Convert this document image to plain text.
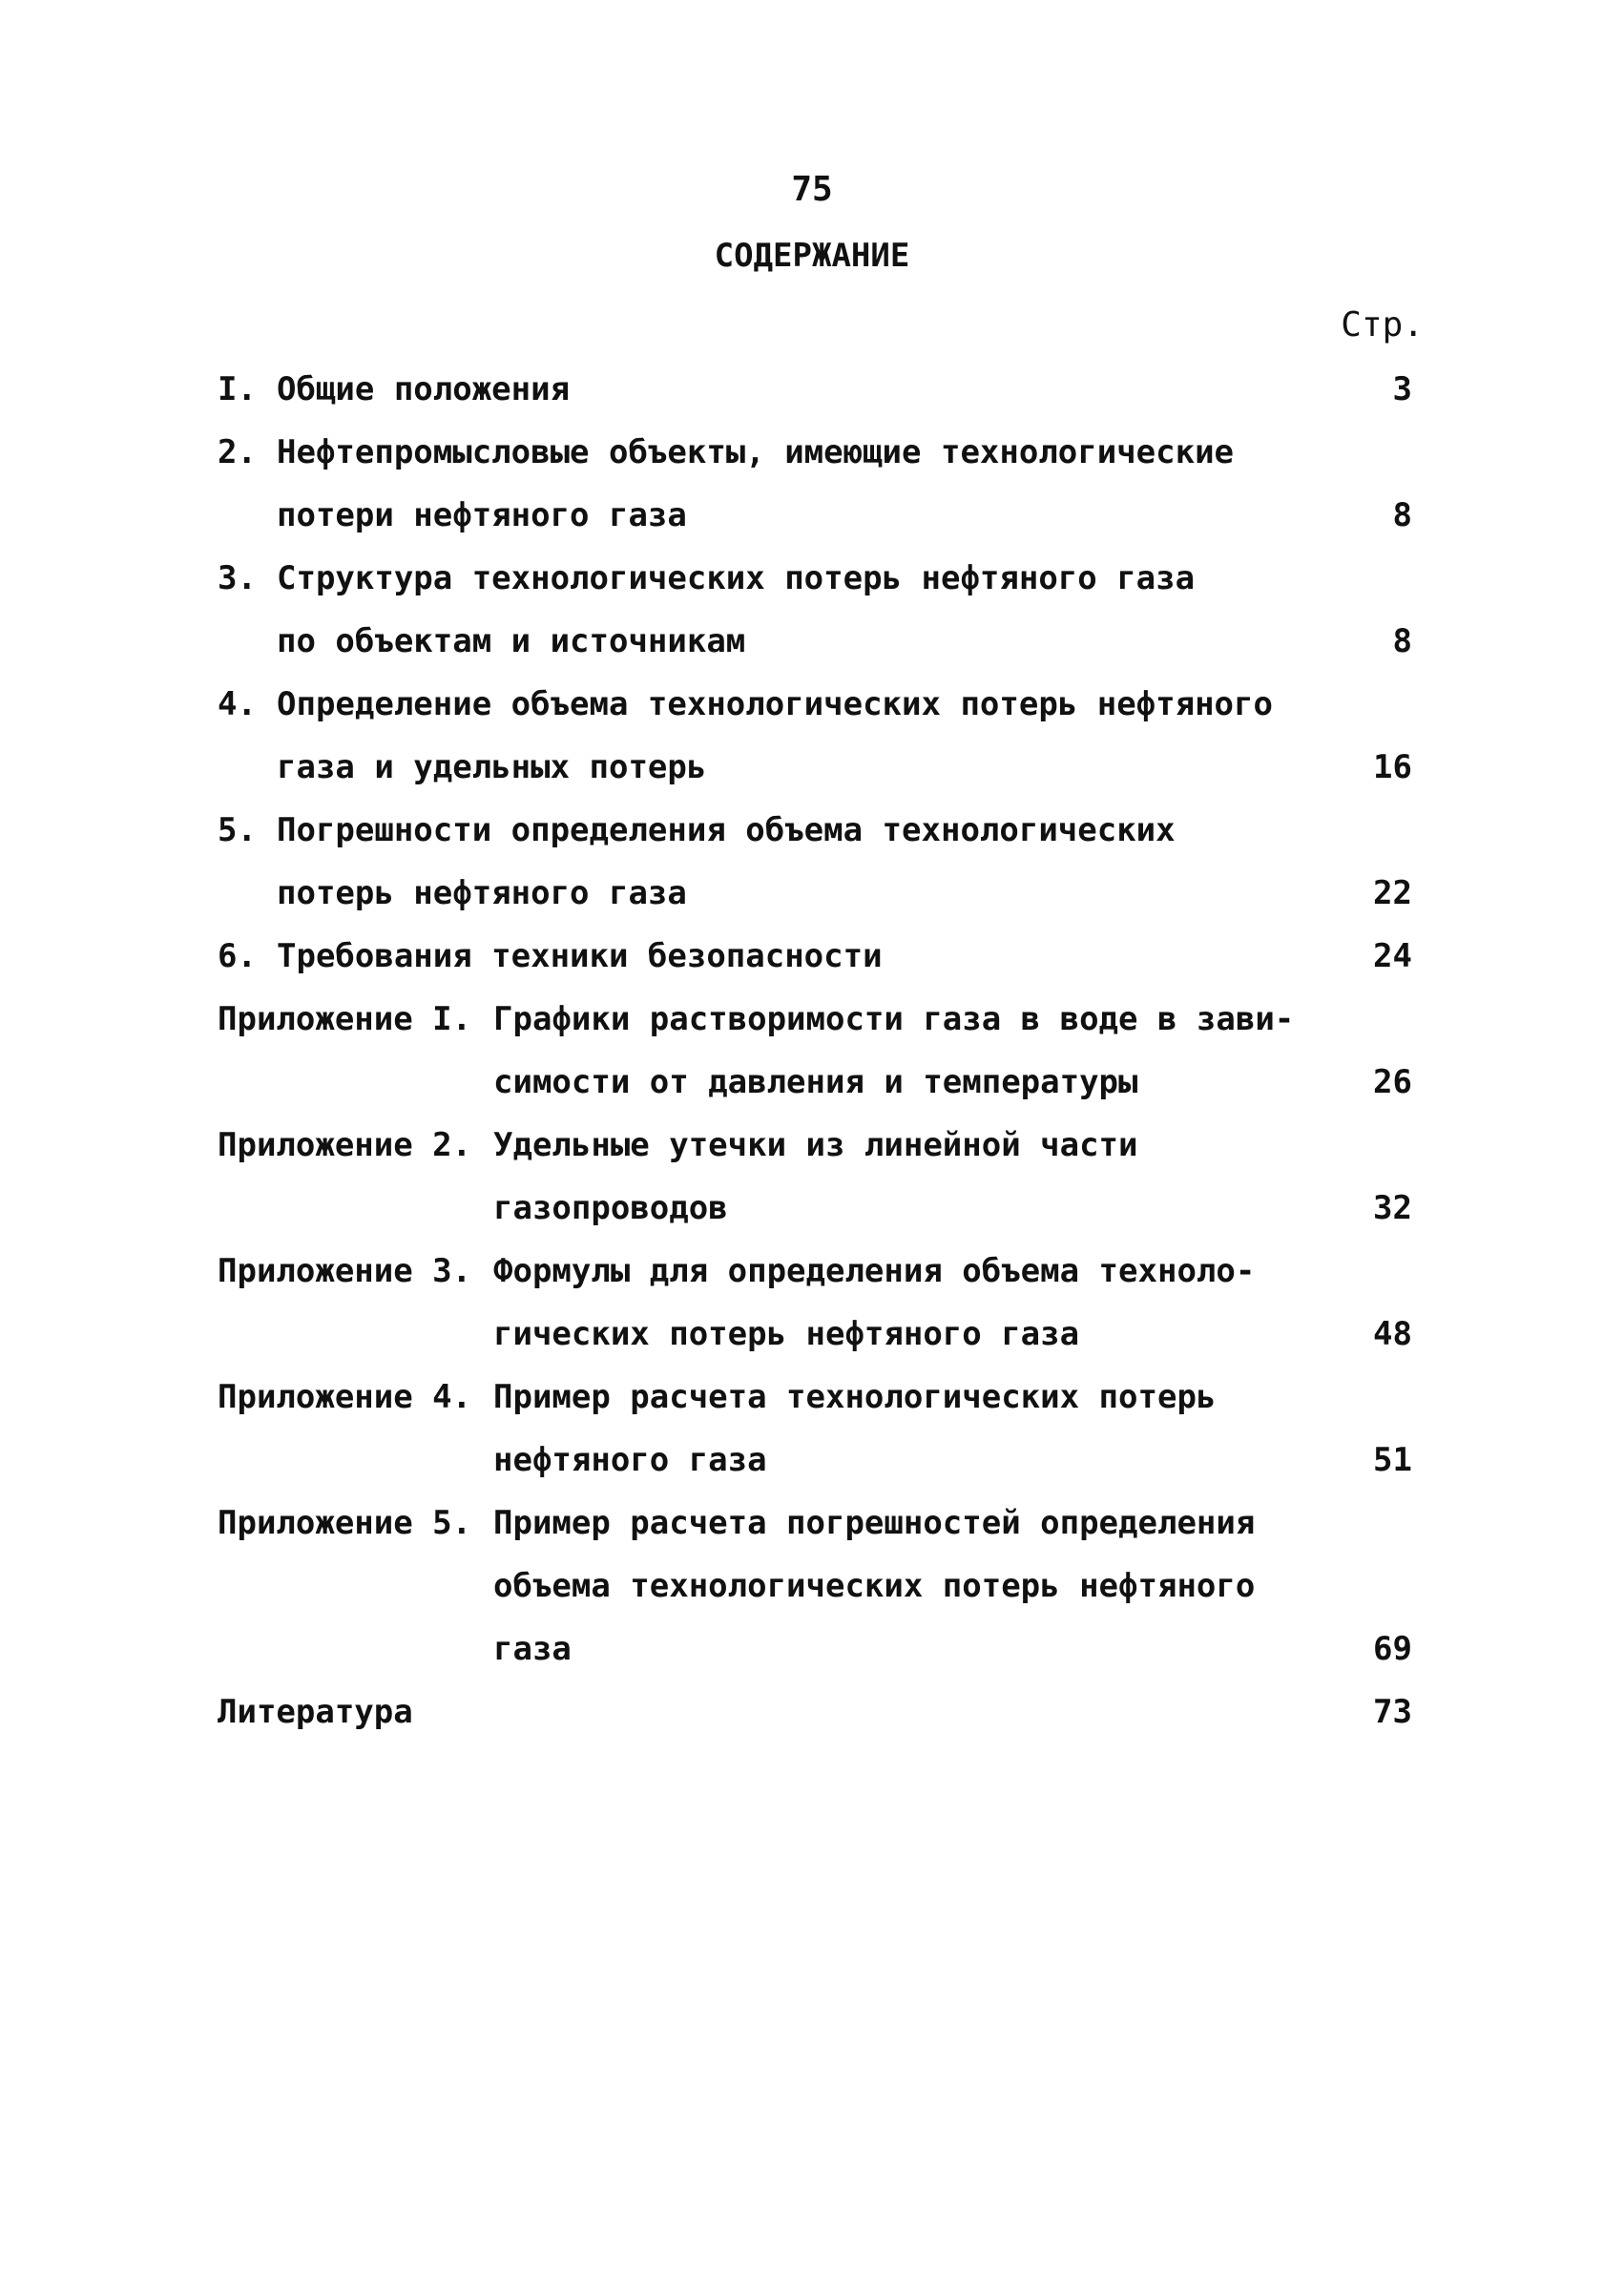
75
СОДЕРЖАНИЕ
Стр.
I. Общие положения	3
2. Нефтепромысловые объекты, имеющие технологические
потери нефтяного газа	8
3. Структура технологических потерь нефтяного газа
по объектам и источникам	8
4. Определение объема технологических потерь нефтяного
газа и удельных потерь	16
5. Погрешности определения объема технологических
потерь нефтяного газа	22
6. Требования техники безопасности	24
Приложение I. Графики растворимости газа в воде в зави-
симости от давления и температуры	26
Приложение 2. Удельные утечки из линейной части
газопроводов	32
Приложение 3. Формулы для определения объема техноло-
гических потерь нефтяного газа	48
Приложение 4. Пример расчета технологических потерь
нефтяного газа	51
Приложение 5. Пример расчета погрешностей определения
объема технологических потерь нефтяного
газа	69
Литература	73
